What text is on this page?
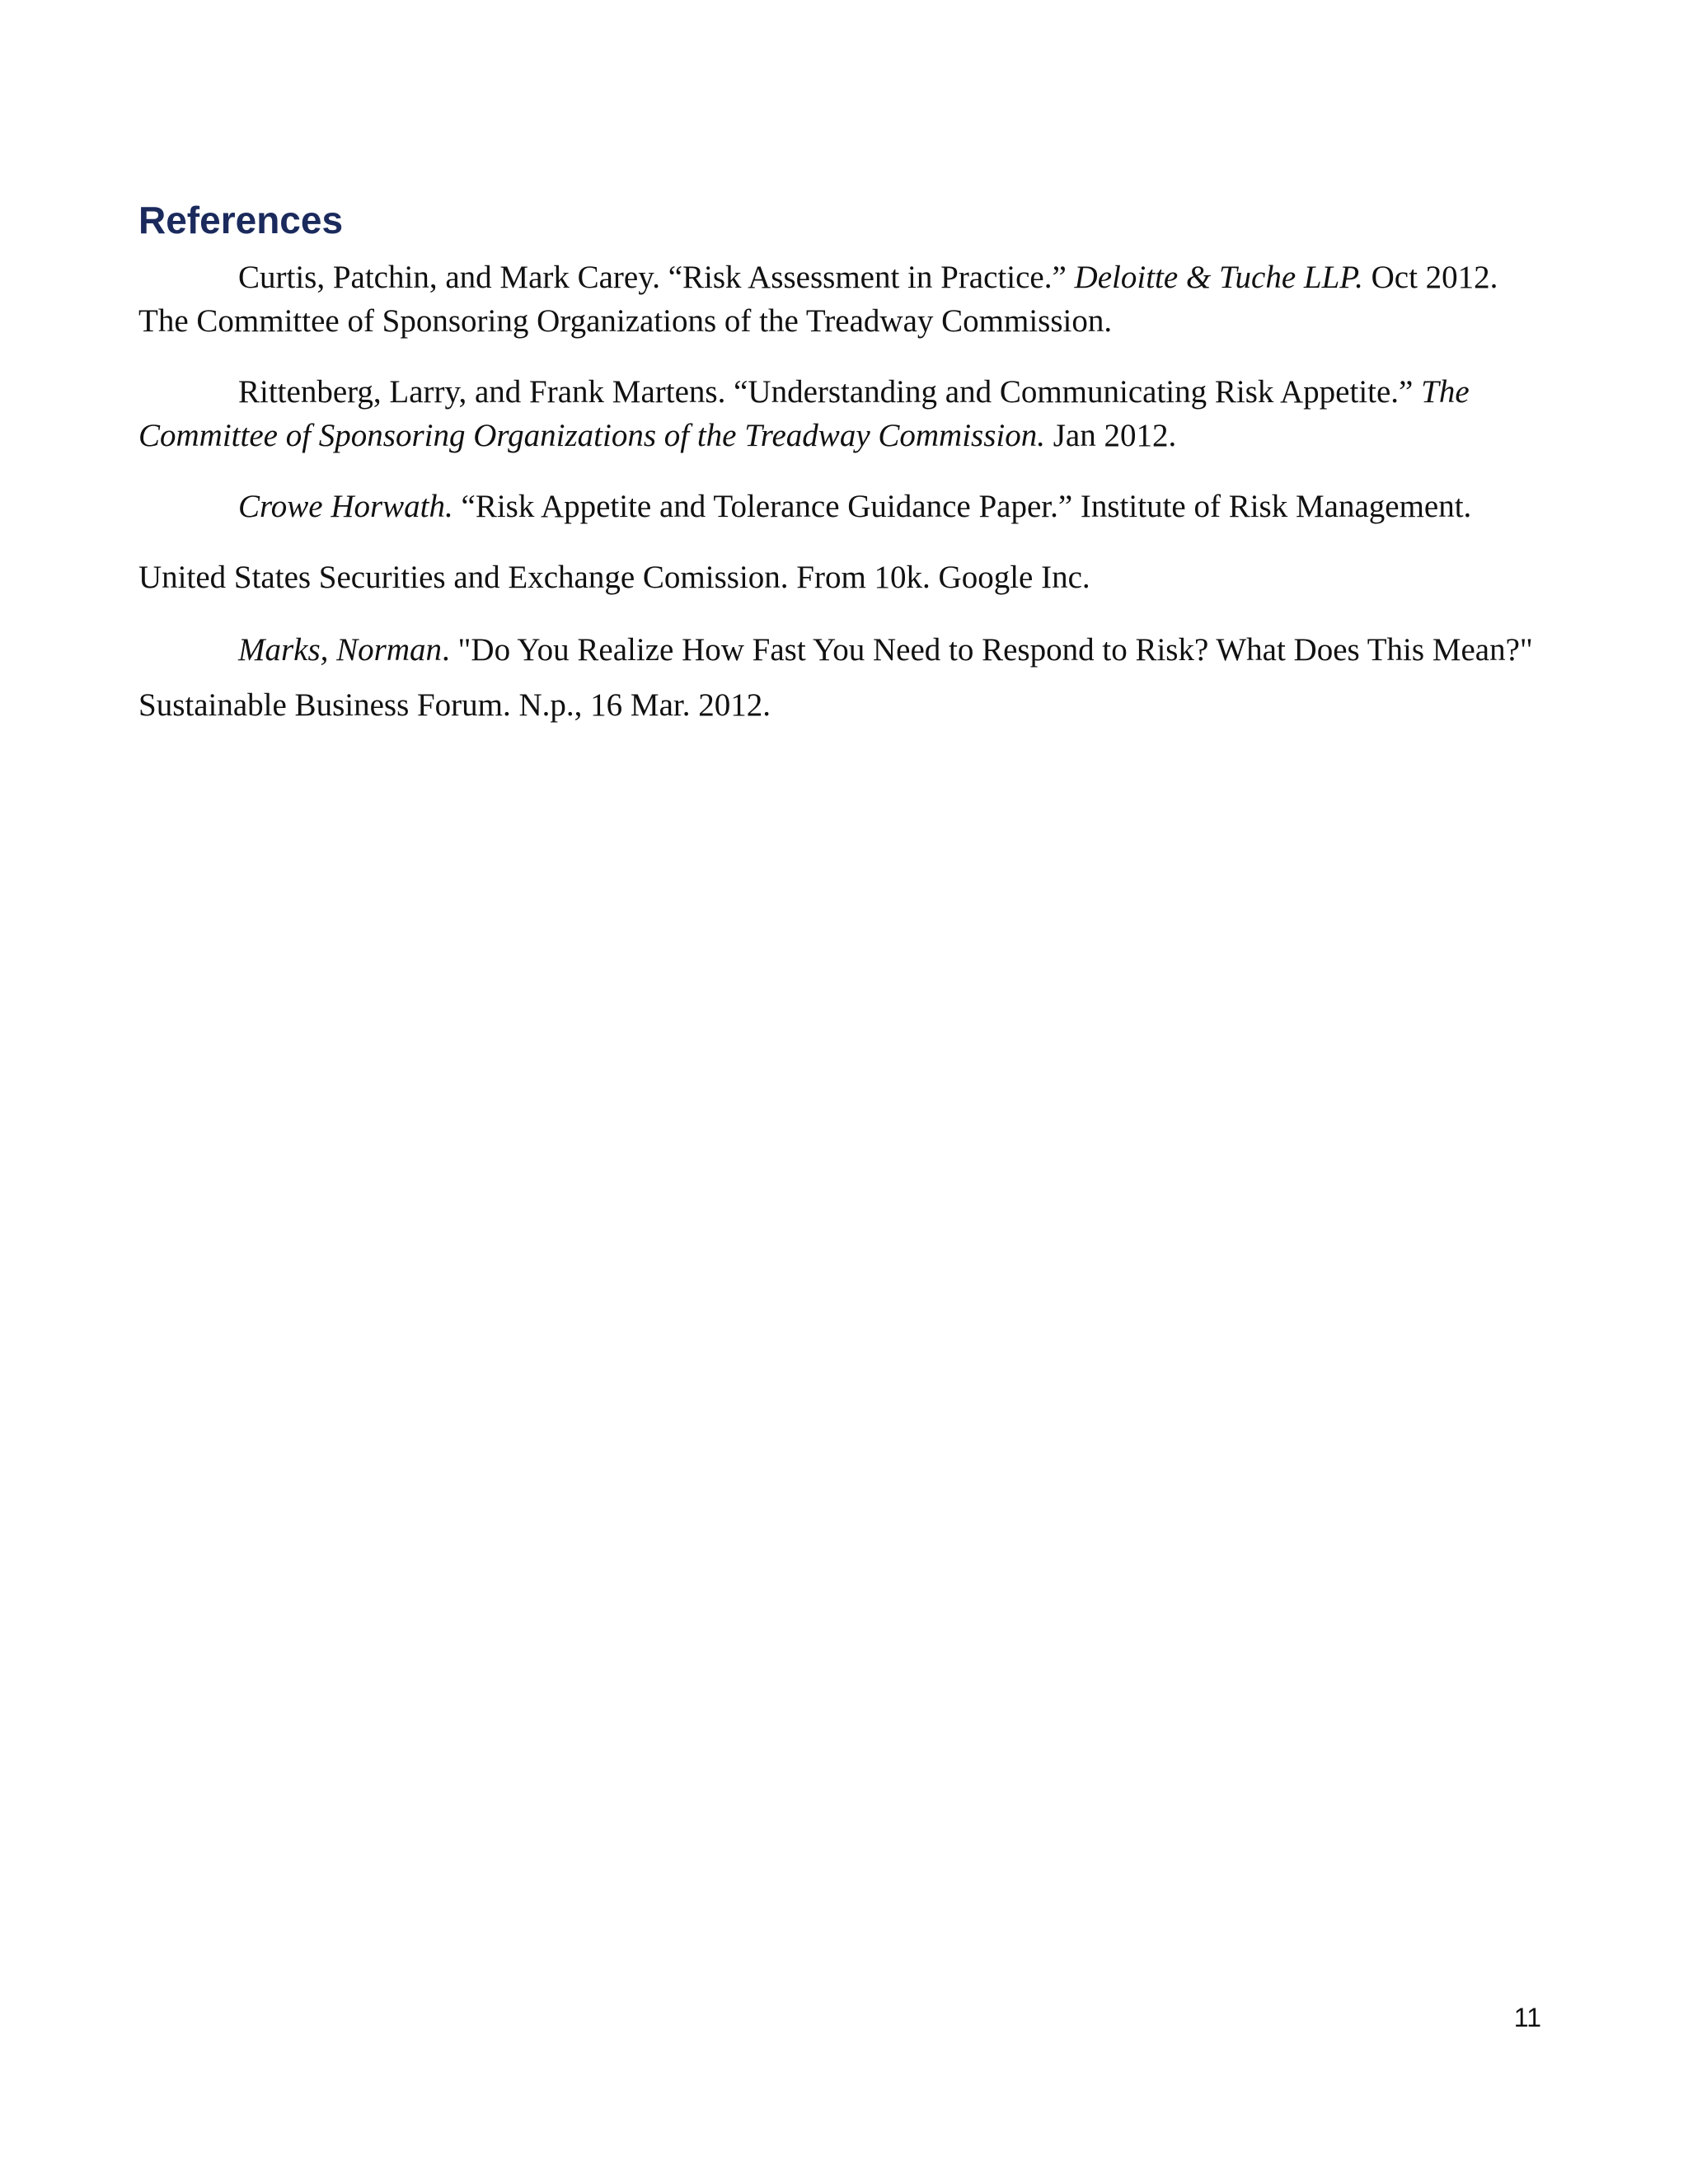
References

Curtis, Patchin, and Mark Carey. “Risk Assessment in Practice.” Deloitte & Tuche LLP. Oct 2012. The Committee of Sponsoring Organizations of the Treadway Commission.

Rittenberg, Larry, and Frank Martens. “Understanding and Communicating Risk Appetite.” The Committee of Sponsoring Organizations of the Treadway Commission. Jan 2012.

Crowe Horwath. “Risk Appetite and Tolerance Guidance Paper.” Institute of Risk Management.

United States Securities and Exchange Comission. From 10k. Google Inc.

Marks, Norman. "Do You Realize How Fast You Need to Respond to Risk? What Does This Mean?" Sustainable Business Forum. N.p., 16 Mar. 2012.

11
